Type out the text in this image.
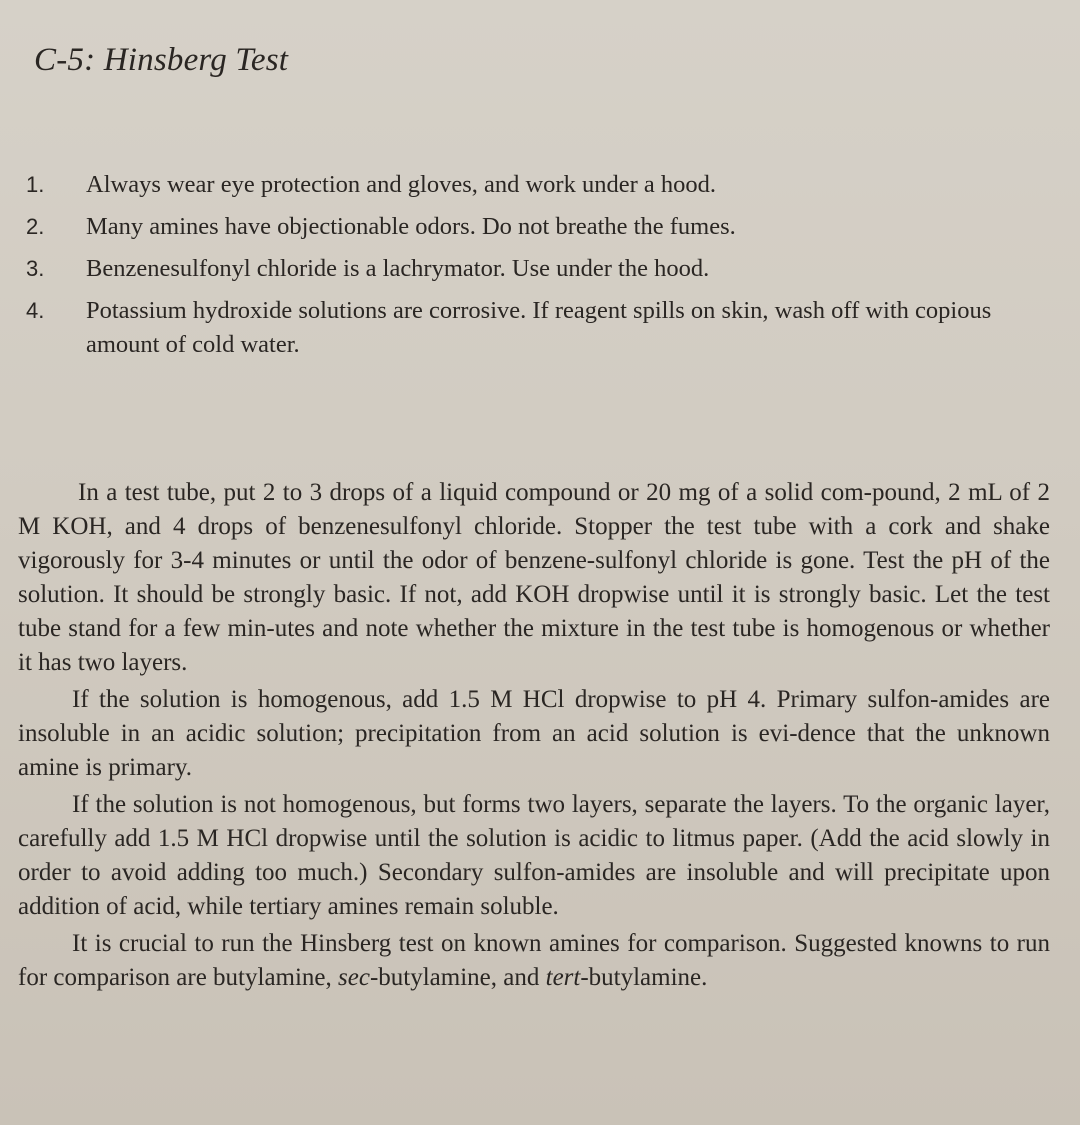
C-5: Hinsberg Test
1.	Always wear eye protection and gloves, and work under a hood.
2.	Many amines have objectionable odors. Do not breathe the fumes.
3.	Benzenesulfonyl chloride is a lachrymator. Use under the hood.
4.	Potassium hydroxide solutions are corrosive. If reagent spills on skin, wash off with copious amount of cold water.

In a test tube, put 2 to 3 drops of a liquid compound or 20 mg of a solid com-pound, 2 mL of 2 M KOH, and 4 drops of benzenesulfonyl chloride. Stopper the test tube with a cork and shake vigorously for 3-4 minutes or until the odor of benzene-sulfonyl chloride is gone. Test the pH of the solution. It should be strongly basic. If not, add KOH dropwise until it is strongly basic. Let the test tube stand for a few min-utes and note whether the mixture in the test tube is homogenous or whether it has two layers.

If the solution is homogenous, add 1.5 M HCl dropwise to pH 4. Primary sulfon-amides are insoluble in an acidic solution; precipitation from an acid solution is evi-dence that the unknown amine is primary.

If the solution is not homogenous, but forms two layers, separate the layers. To the organic layer, carefully add 1.5 M HCl dropwise until the solution is acidic to litmus paper. (Add the acid slowly in order to avoid adding too much.) Secondary sulfon-amides are insoluble and will precipitate upon addition of acid, while tertiary amines remain soluble.

It is crucial to run the Hinsberg test on known amines for comparison. Suggested knowns to run for comparison are butylamine, sec-butylamine, and tert-butylamine.
